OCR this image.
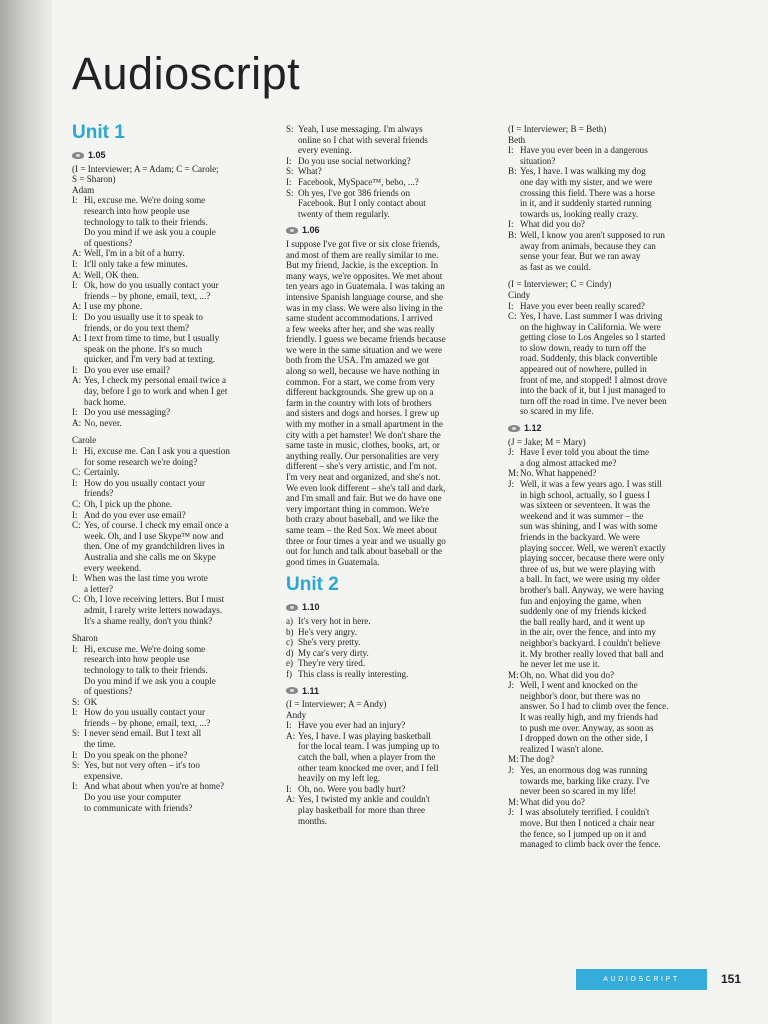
Audioscript
Unit 1
1.05

(I = Interviewer; A = Adam; C = Carole;

S = Sharon)

Adam

I: Hi, excuse me. We're doing some
research into how people use
technology to talk to their friends.
Do you mind if we ask you a couple
of questions?
A: Well, I'm in a bit of a hurry.
I: It'll only take a few minutes.
A: Well, OK then.
I: Ok, how do you usually contact your
friends – by phone, email, text, ...?
A: I use my phone.
I: Do you usually use it to speak to
friends, or do you text them?
A: I text from time to time, but I usually
speak on the phone. It's so much
quicker, and I'm very bad at texting.
I: Do you ever use email?
A: Yes, I check my personal email twice a
day, before I go to work and when I get
back home.
I: Do you use messaging?
A: No, never.

Carole

I: Hi, excuse me. Can I ask you a question
for some research we're doing?
C: Certainly.
I: How do you usually contact your
friends?
C: Oh, I pick up the phone.
I: And do you ever use email?
C: Yes, of course. I check my email once a
week. Oh, and I use Skype™ now and
then. One of my grandchildren lives in
Australia and she calls me on Skype
every weekend.
I: When was the last time you wrote
a letter?
C: Oh, I love receiving letters. But I must
admit, I rarely write letters nowadays.
It's a shame really, don't you think?

Sharon

I: Hi, excuse me. We're doing some
research into how people use
technology to talk to their friends.
Do you mind if we ask you a couple
of questions?
S: OK
I: How do you usually contact your
friends – by phone, email, text, ...?
S: I never send email. But I text all
the time.
I: Do you speak on the phone?
S: Yes, but not very often – it's too
expensive.
I: And what about when you're at home?
Do you use your computer
to communicate with friends?
S: Yeah, I use messaging. I'm always
online so I chat with several friends
every evening.
I: Do you use social networking?
S: What?
I: Facebook, MySpace™, bebo, ...?
S: Oh yes, I've got 386 friends on
Facebook. But I only contact about
twenty of them regularly.
1.06

I suppose I've got five or six close friends,

and most of them are really similar to me.

But my friend, Jackie, is the exception. In

many ways, we're opposites. We met about

ten years ago in Guatemala. I was taking an

intensive Spanish language course, and she

was in my class. We were also living in the

same student accommodations. I arrived

a few weeks after her, and she was really

friendly. I guess we became friends because

we were in the same situation and we were

both from the USA. I'm amazed we got

along so well, because we have nothing in

common. For a start, we come from very

different backgrounds. She grew up on a

farm in the country with lots of brothers

and sisters and dogs and horses. I grew up

with my mother in a small apartment in the

city with a pet hamster! We don't share the

same taste in music, clothes, books, art, or

anything really. Our personalities are very

different – she's very artistic, and I'm not.

I'm very neat and organized, and she's not.

We even look different – she's tall and dark,

and I'm small and fair. But we do have one

very important thing in common. We're

both crazy about baseball, and we like the

same team – the Red Sox. We meet about

three or four times a year and we usually go

out for lunch and talk about baseball or the

good times in Guatemala.

Unit 2
1.10
a) It's very hot in here.
b) He's very angry.
c) She's very pretty.
d) My car's very dirty.
e) They're very tired.
f) This class is really interesting.
1.11

(I = Interviewer; A = Andy)

Andy

I: Have you ever had an injury?
A: Yes, I have. I was playing basketball
for the local team. I was jumping up to
catch the ball, when a player from the
other team knocked me over, and I fell
heavily on my left leg.
I: Oh, no. Were you badly hurt?
A: Yes, I twisted my ankle and couldn't
play basketball for more than three
months.

(I = Interviewer; B = Beth)

Beth

I: Have you ever been in a dangerous
situation?
B: Yes, I have. I was walking my dog
one day with my sister, and we were
crossing this field. There was a horse
in it, and it suddenly started running
towards us, looking really crazy.
I: What did you do?
B: Well, I know you aren't supposed to run
away from animals, because they can
sense your fear. But we ran away
as fast as we could.

(I = Interviewer; C = Cindy)

Cindy

I: Have you ever been really scared?
C: Yes, I have. Last summer I was driving
on the highway in California. We were
getting close to Los Angeles so I started
to slow down, ready to turn off the
road. Suddenly, this black convertible
appeared out of nowhere, pulled in
front of me, and stopped! I almost drove
into the back of it, but I just managed to
turn off the road in time. I've never been
so scared in my life.
1.12

(J = Jake; M = Mary)

J: Have I ever told you about the time
a dog almost attacked me?
M: No. What happened?
J: Well, it was a few years ago. I was still
in high school, actually, so I guess I
was sixteen or seventeen. It was the
weekend and it was summer – the
sun was shining, and I was with some
friends in the backyard. We were
playing soccer. Well, we weren't exactly
playing soccer, because there were only
three of us, but we were playing with
a ball. In fact, we were using my older
brother's ball. Anyway, we were having
fun and enjoying the game, when
suddenly one of my friends kicked
the ball really hard, and it went up
in the air, over the fence, and into my
neighbor's backyard. I couldn't believe
it. My brother really loved that ball and
he never let me use it.
M: Oh, no. What did you do?
J: Well, I went and knocked on the
neighbor's door, but there was no
answer. So I had to climb over the fence.
It was really high, and my friends had
to push me over. Anyway, as soon as
I dropped down on the other side, I
realized I wasn't alone.
M: The dog?
J: Yes, an enormous dog was running
towards me, barking like crazy. I've
never been so scared in my life!
M: What did you do?
J: I was absolutely terrified. I couldn't
move. But then I noticed a chair near
the fence, so I jumped up on it and
managed to climb back over the fence.
AUDIOSCRIPT	151
